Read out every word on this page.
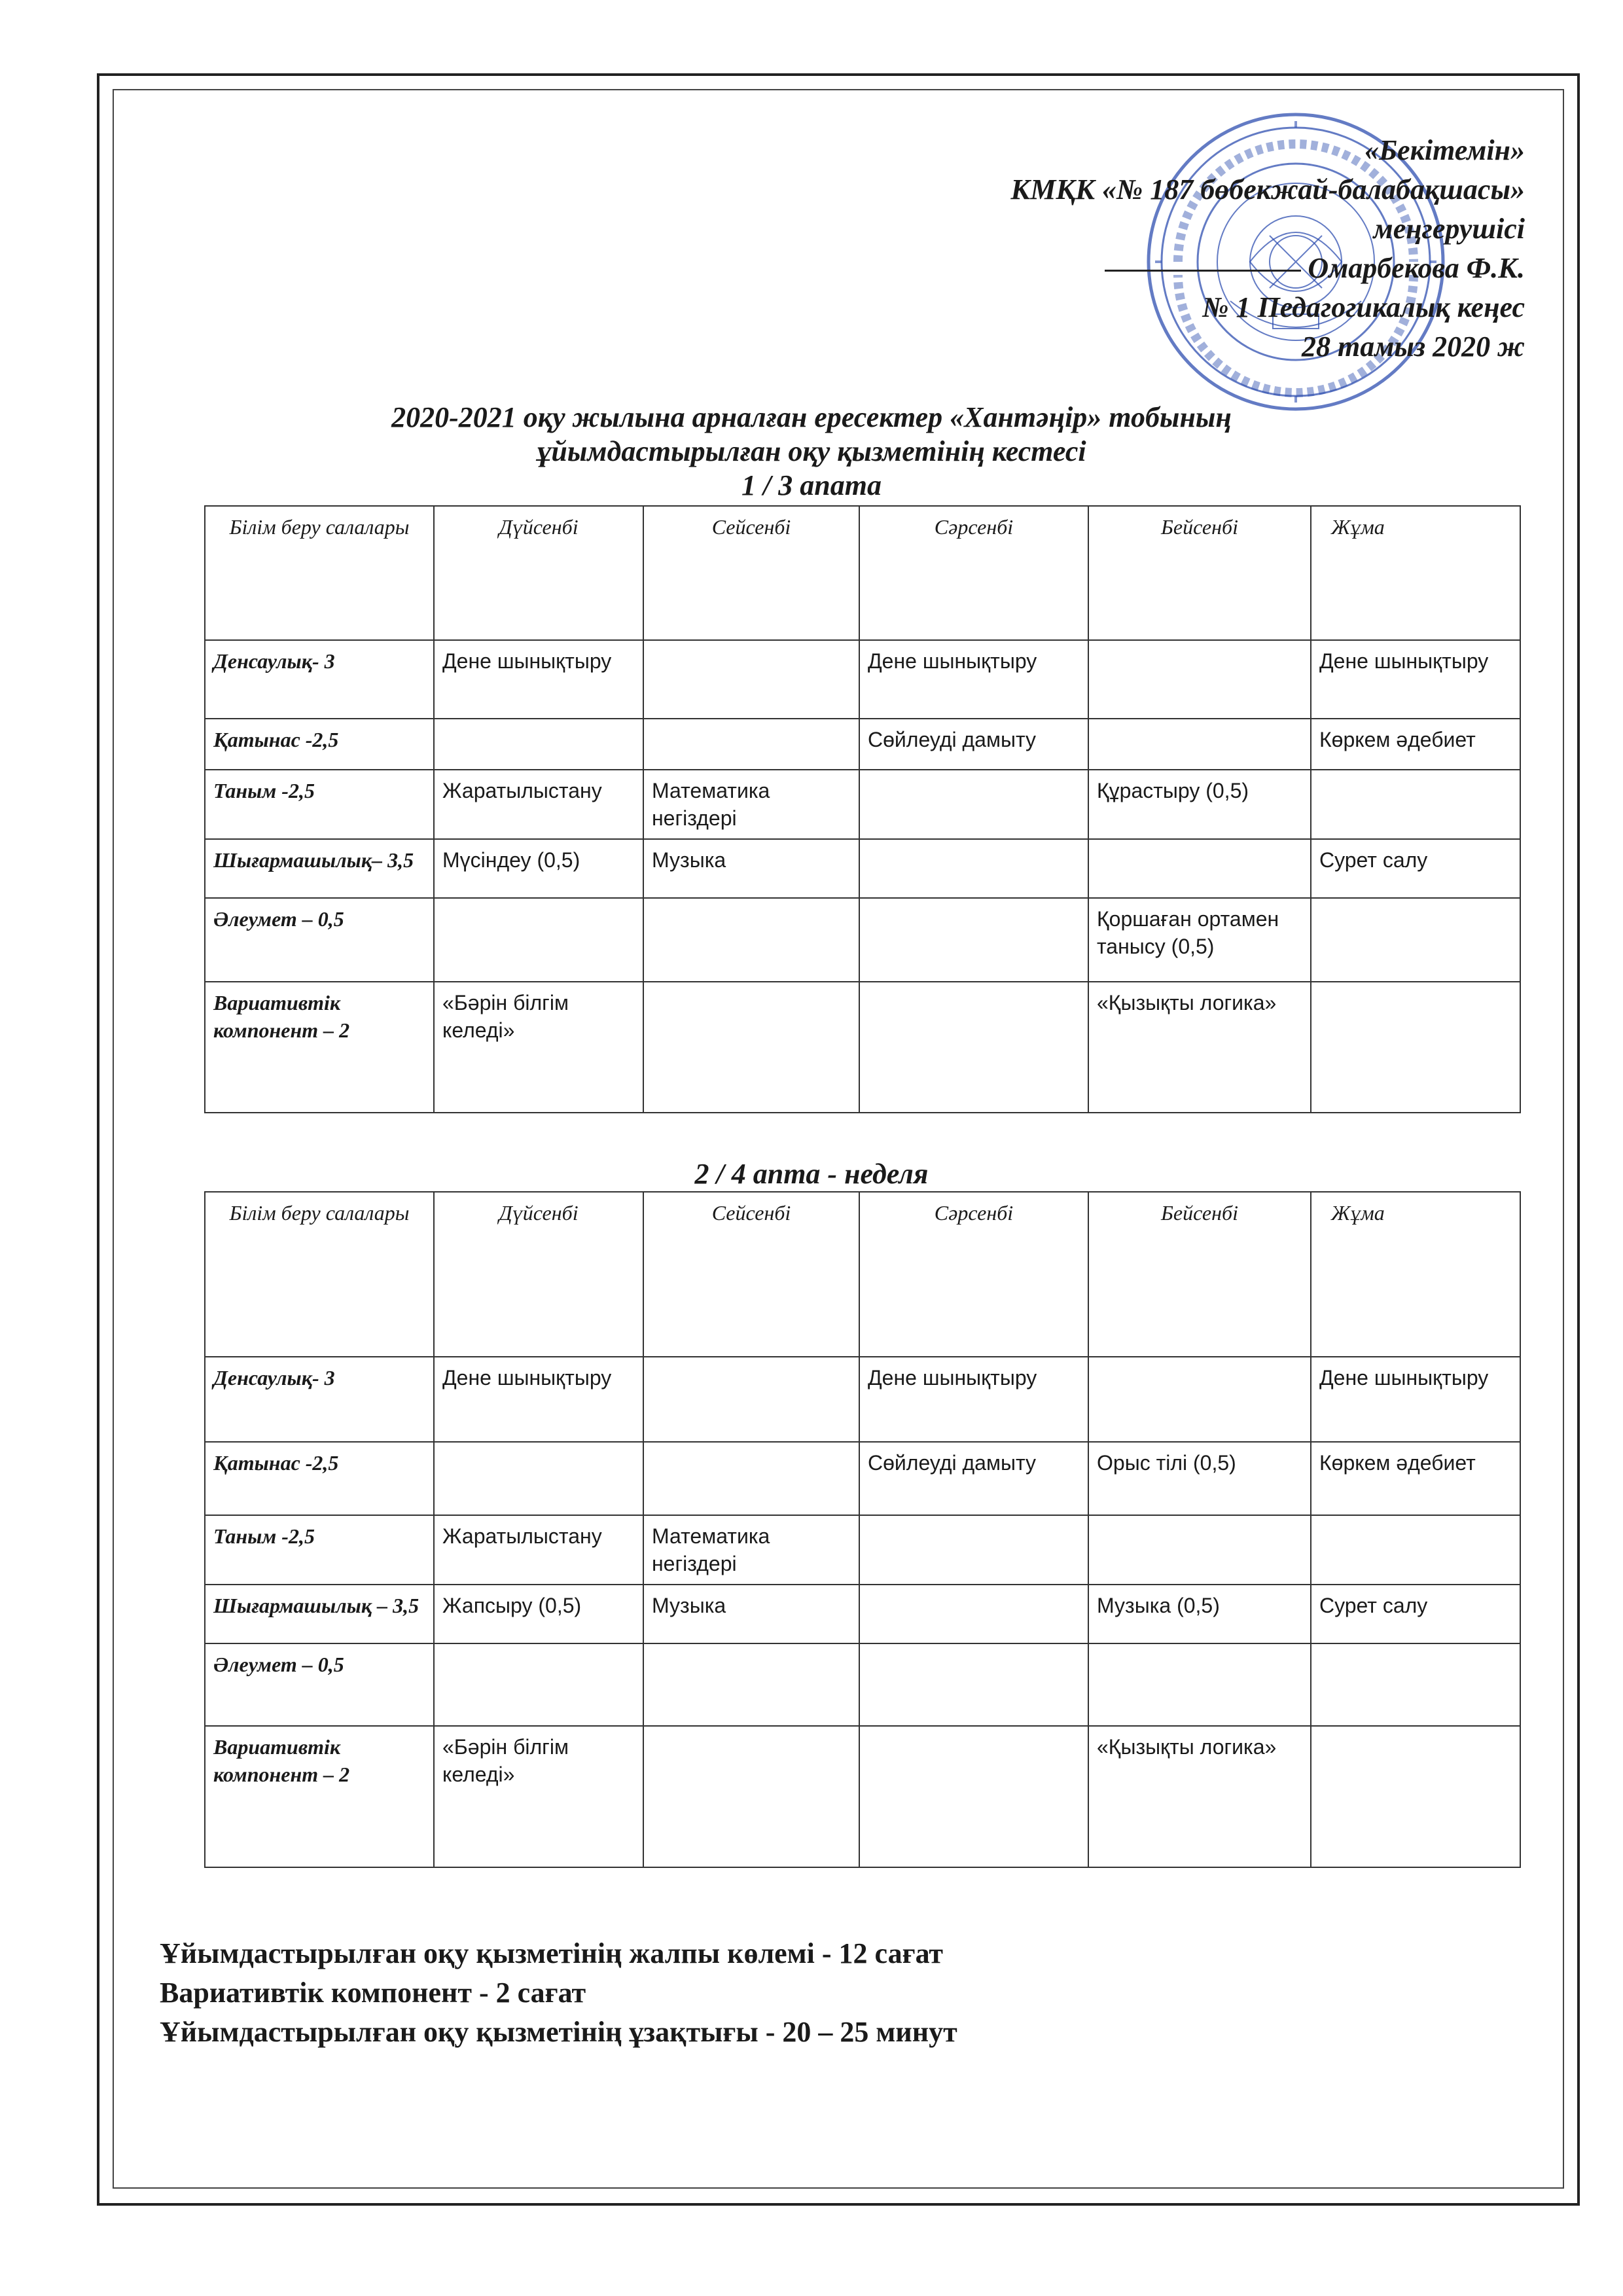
«Бекітемін»
КМҚК «№ 187 бөбекжай-балабақшасы»
меңгерушісі
Омарбекова Ф.К.
№ 1 Педагогикалық кеңес
28 тамыз 2020 ж
2020-2021 оқу жылына арналған ересектер «Хантәңір» тобының
ұйымдастырылған оқу қызметінің кестесі
1 / 3 апата
Білім беру салалары	Дүйсенбі	Сейсенбі	Сәрсенбі	Бейсенбі	Жұма
Денсаулық- 3	Дене шынықтыру		Дене шынықтыру		Дене шынықтыру
Қатынас -2,5			Сөйлеуді дамыту		Көркем әдебиет
Таным -2,5	Жаратылыстану	Математика негіздері		Құрастыру (0,5)	
Шығармашылық– 3,5	Мүсіндеу (0,5)	Музыка			Сурет салу
Әлеумет – 0,5				Қоршаған ортамен танысу (0,5)	
Вариативтік компонент – 2	«Бәрін білгім келеді»			«Қызықты логика»	
2 / 4 апта - неделя
Білім беру салалары	Дүйсенбі	Сейсенбі	Сәрсенбі	Бейсенбі	Жұма
Денсаулық- 3	Дене шынықтыру		Дене шынықтыру		Дене шынықтыру
Қатынас -2,5			Сөйлеуді дамыту	Орыс тілі (0,5)	Көркем әдебиет
Таным -2,5	Жаратылыстану	Математика негіздері			
Шығармашылық – 3,5	Жапсыру (0,5)	Музыка		Музыка (0,5)	Сурет салу
Әлеумет – 0,5					
Вариативтік компонент – 2	«Бәрін білгім келеді»			«Қызықты логика»	
Ұйымдастырылған оқу қызметінің жалпы көлемі - 12 сағат
Вариативтік компонент - 2 сағат
Ұйымдастырылған оқу қызметінің ұзақтығы - 20 – 25 минут
